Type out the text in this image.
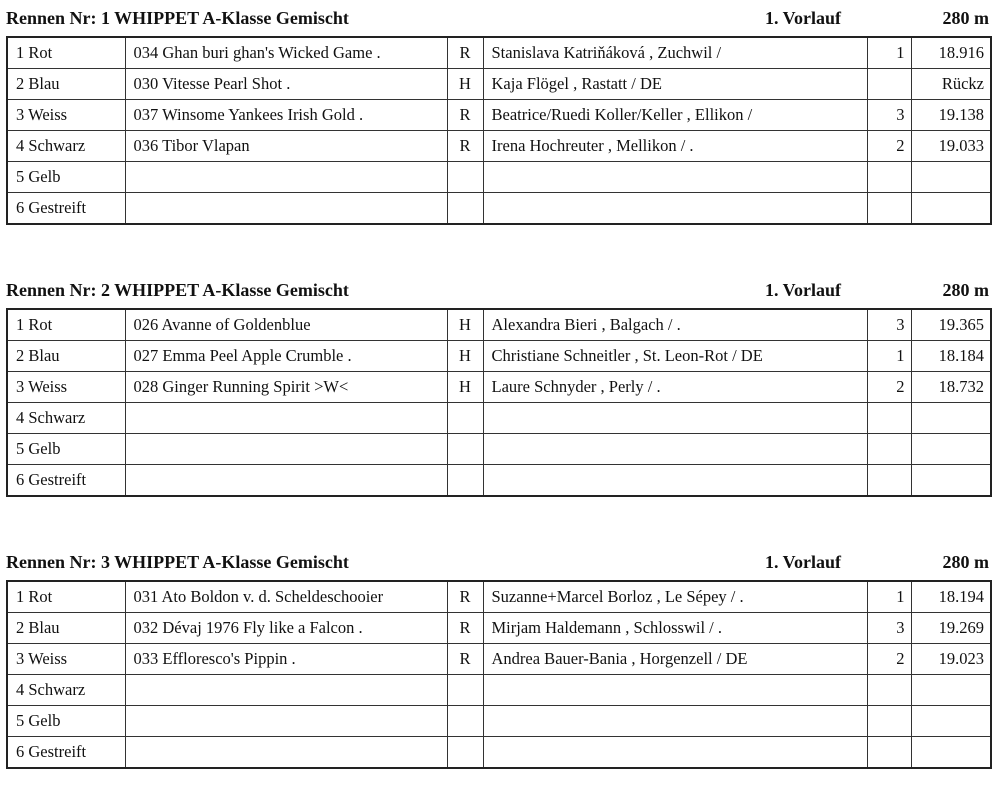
Rennen Nr: 1 WHIPPET A-Klasse Gemischt	1. Vorlauf	280 m
1 Rot	034 Ghan buri ghan's Wicked Game .	R	Stanislava Katriňáková , Zuchwil /	1	18.916
2 Blau	030 Vitesse Pearl Shot .	H	Kaja Flögel , Rastatt / DE		Rückz
3 Weiss	037 Winsome Yankees Irish Gold .	R	Beatrice/Ruedi Koller/Keller , Ellikon /	3	19.138
4 Schwarz	036 Tibor Vlapan	R	Irena Hochreuter , Mellikon / .	2	19.033
5 Gelb					
6 Gestreift					
Rennen Nr: 2 WHIPPET A-Klasse Gemischt	1. Vorlauf	280 m
1 Rot	026 Avanne of Goldenblue	H	Alexandra Bieri , Balgach / .	3	19.365
2 Blau	027 Emma Peel Apple Crumble .	H	Christiane Schneitler , St. Leon-Rot / DE	1	18.184
3 Weiss	028 Ginger Running Spirit >W<	H	Laure Schnyder , Perly / .	2	18.732
4 Schwarz					
5 Gelb					
6 Gestreift					
Rennen Nr: 3 WHIPPET A-Klasse Gemischt	1. Vorlauf	280 m
1 Rot	031 Ato Boldon v. d. Scheldeschooier	R	Suzanne+Marcel Borloz , Le Sépey / .	1	18.194
2 Blau	032 Dévaj 1976 Fly like a Falcon .	R	Mirjam Haldemann , Schlosswil / .	3	19.269
3 Weiss	033 Effloresco's Pippin .	R	Andrea Bauer-Bania , Horgenzell / DE	2	19.023
4 Schwarz					
5 Gelb					
6 Gestreift					
